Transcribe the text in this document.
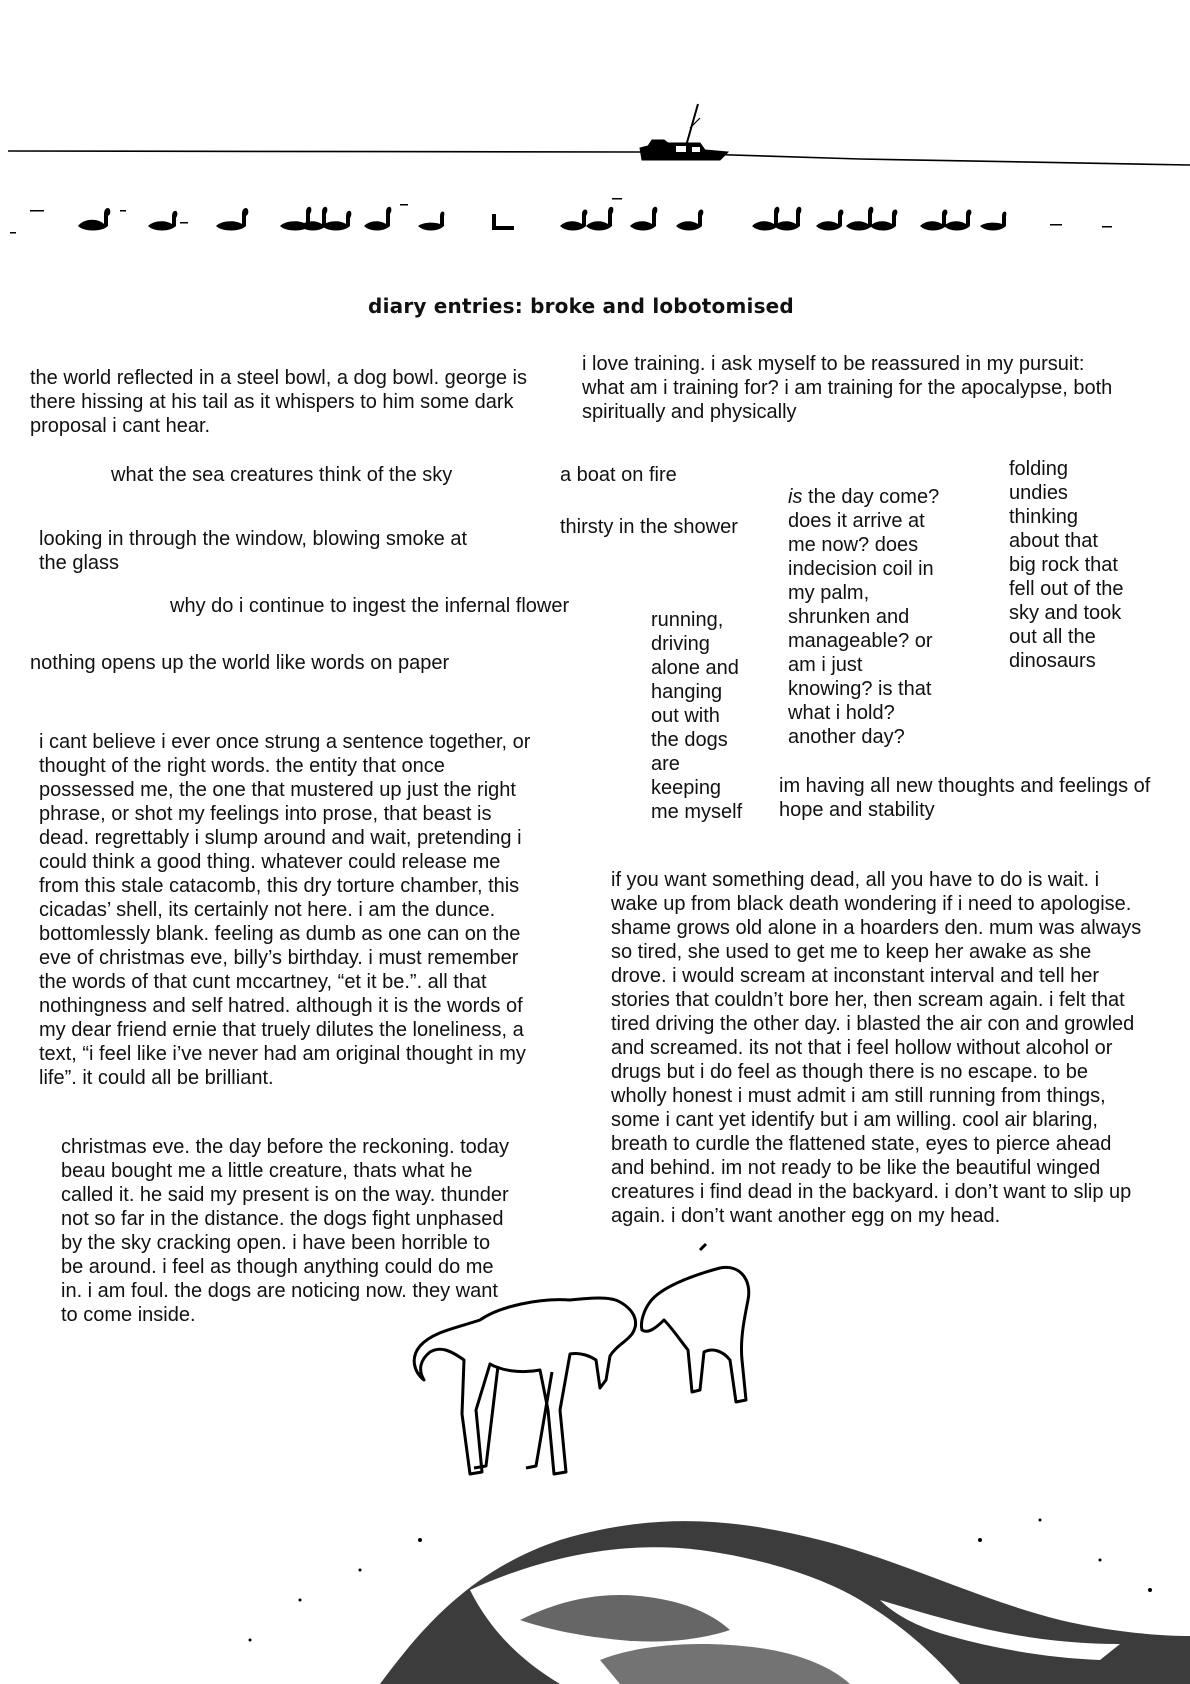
diary entries: broke and lobotomised

the world reflected in a steel bowl, a dog bowl. george is
there hissing at his tail as it whispers to him some dark
proposal i cant hear.

i love training. i ask myself to be reassured in my pursuit:
what am i training for? i am training for the apocalypse, both
spiritually and physically

what the sea creatures think of the sky	a boat on fire

thirsty in the shower

looking in through the window, blowing smoke at
the glass

why do i continue to ingest the infernal flower

nothing opens up the world like words on paper

running,
driving
alone and
hanging
out with
the dogs
are
keeping
me myself

is the day come?
does it arrive at
me now? does
indecision coil in
my palm,
shrunken and
manageable? or
am i just
knowing? is that
what i hold?
another day?

folding
undies
thinking
about that
big rock that
fell out of the
sky and took
out all the
dinosaurs

im having all new thoughts and feelings of
hope and stability

i cant believe i ever once strung a sentence together, or
thought of the right words. the entity that once
possessed me, the one that mustered up just the right
phrase, or shot my feelings into prose, that beast is
dead. regrettably i slump around and wait, pretending i
could think a good thing. whatever could release me
from this stale catacomb, this dry torture chamber, this
cicadas’ shell, its certainly not here. i am the dunce.
bottomlessly blank. feeling as dumb as one can on the
eve of christmas eve, billy’s birthday. i must remember
the words of that cunt mccartney, “et it be.”. all that
nothingness and self hatred. although it is the words of
my dear friend ernie that truely dilutes the loneliness, a
text, “i feel like i’ve never had am original thought in my
life”. it could all be brilliant.

if you want something dead, all you have to do is wait. i
wake up from black death wondering if i need to apologise.
shame grows old alone in a hoarders den. mum was always
so tired, she used to get me to keep her awake as she
drove. i would scream at inconstant interval and tell her
stories that couldn’t bore her, then scream again. i felt that
tired driving the other day. i blasted the air con and growled
and screamed. its not that i feel hollow without alcohol or
drugs but i do feel as though there is no escape. to be
wholly honest i must admit i am still running from things,
some i cant yet identify but i am willing. cool air blaring,
breath to curdle the flattened state, eyes to pierce ahead
and behind. im not ready to be like the beautiful winged
creatures i find dead in the backyard. i don’t want to slip up
again. i don’t want another egg on my head.

christmas eve. the day before the reckoning. today
beau bought me a little creature, thats what he
called it. he said my present is on the way. thunder
not so far in the distance. the dogs fight unphased
by the sky cracking open. i have been horrible to
be around. i feel as though anything could do me
in. i am foul. the dogs are noticing now. they want
to come inside.
